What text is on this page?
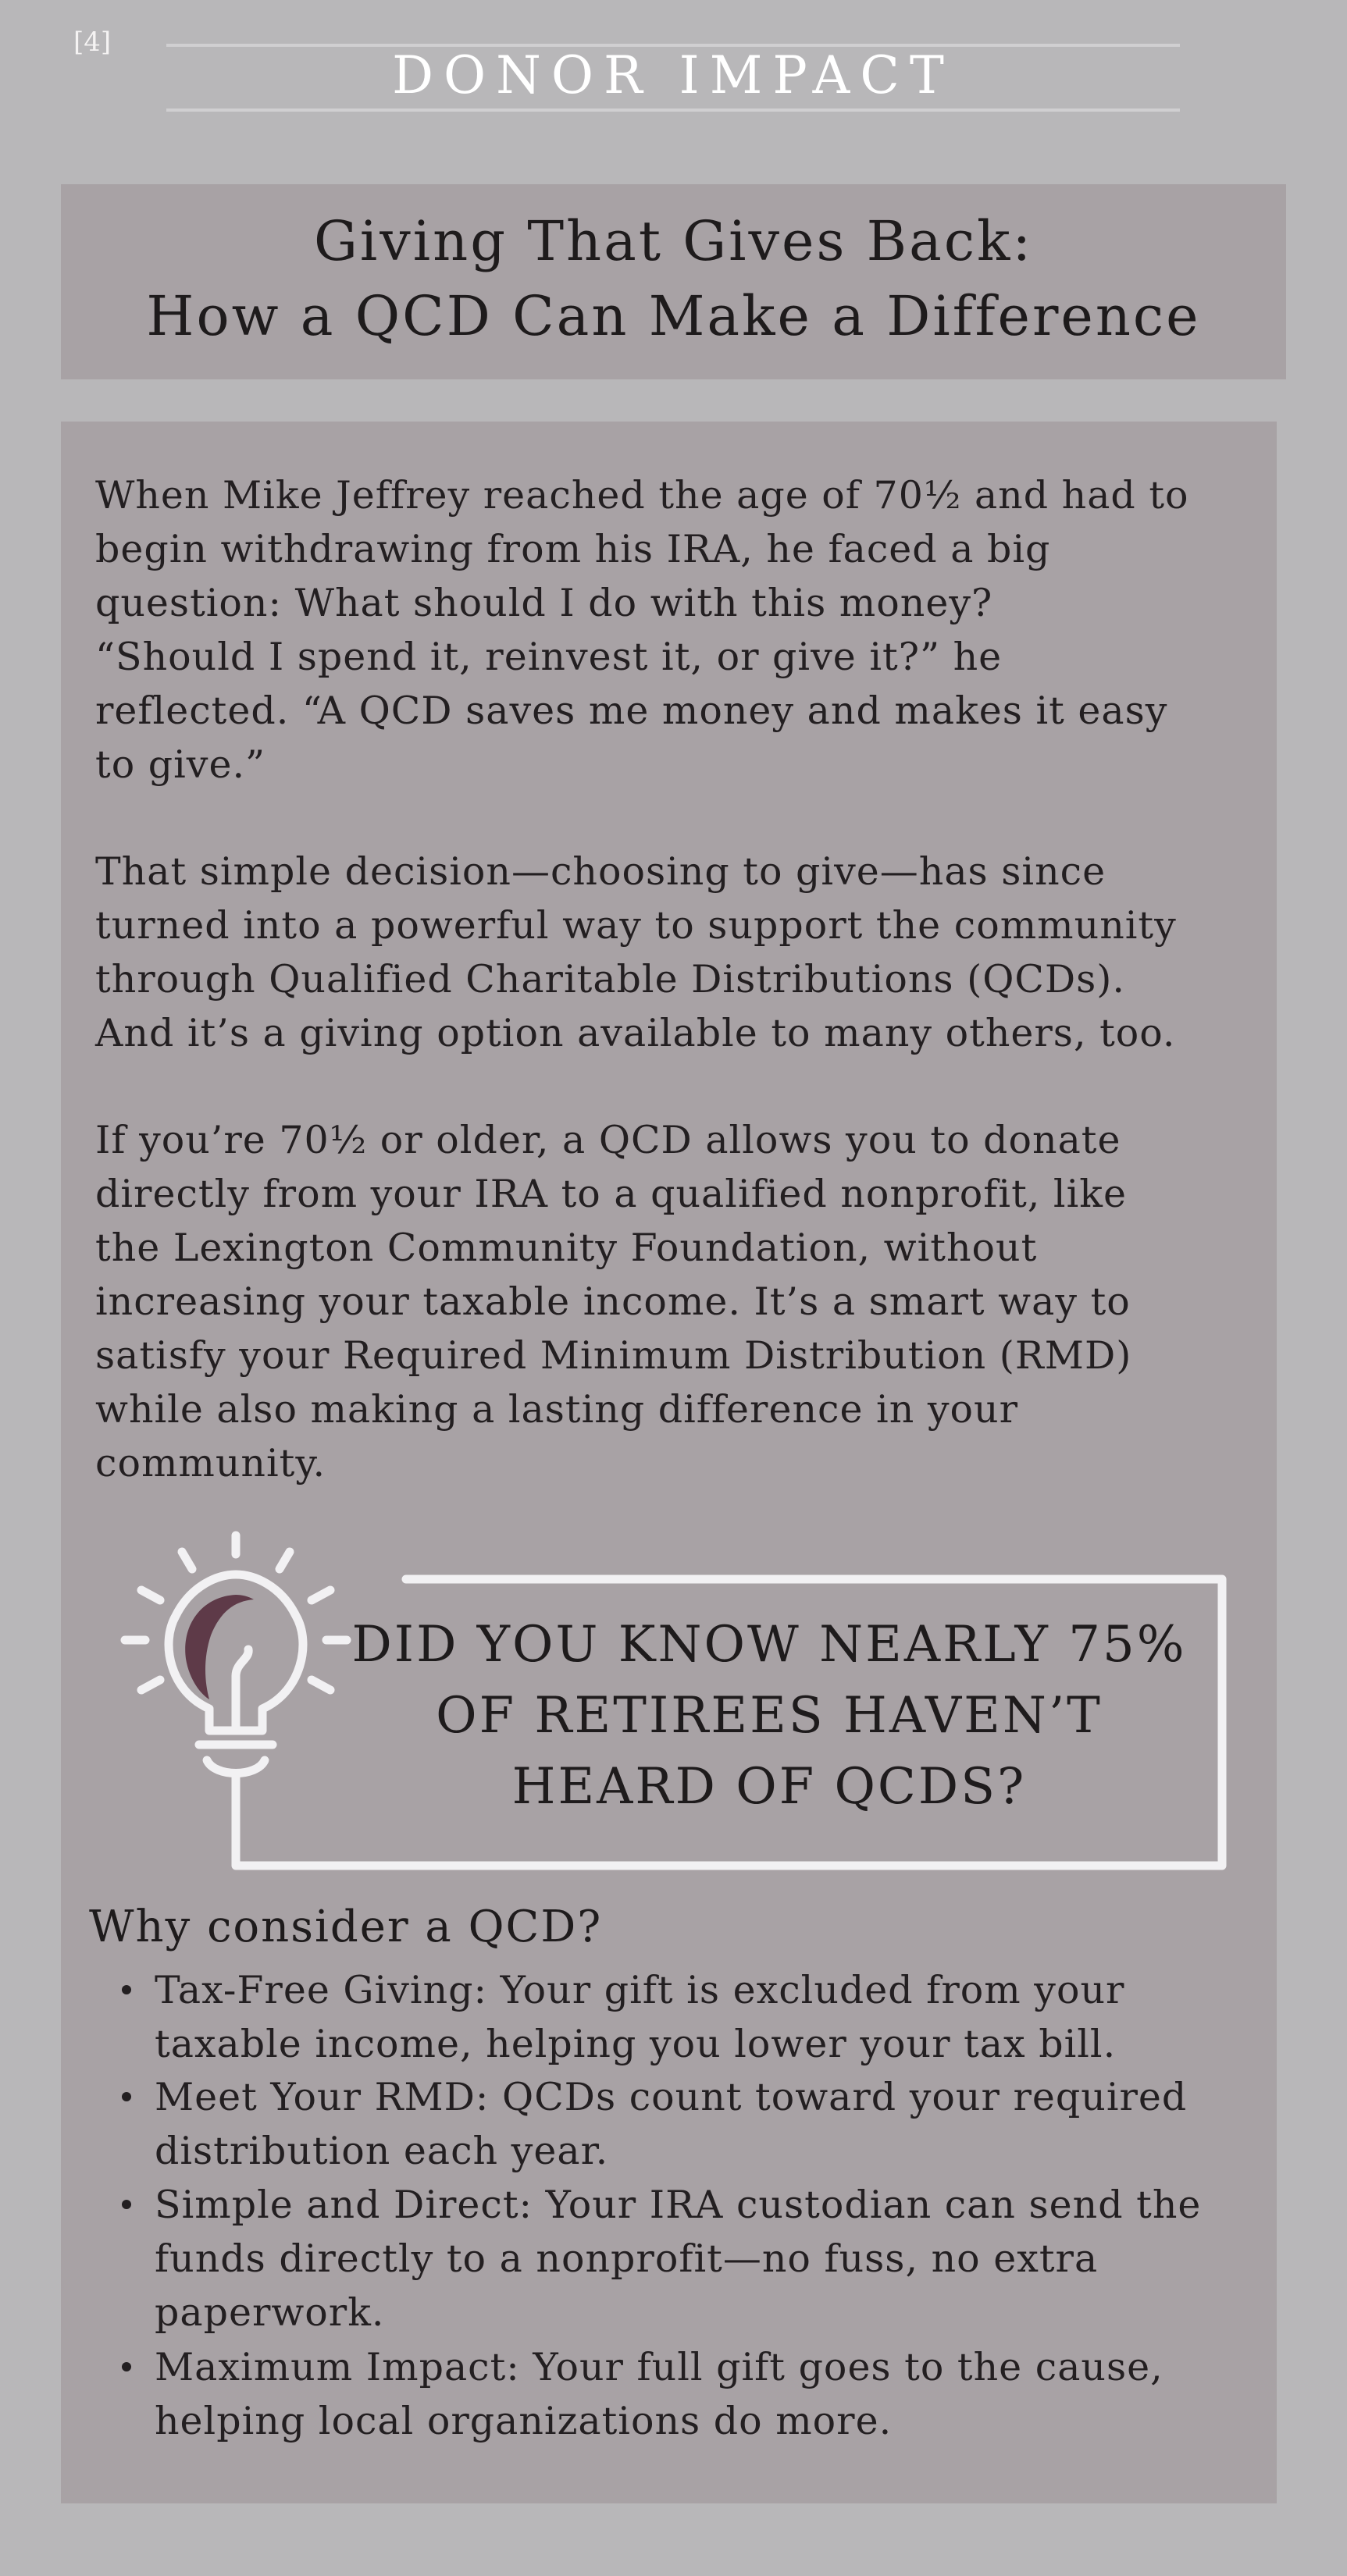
[4]
DONOR IMPACT
Giving That Gives Back:
How a QCD Can Make a Difference
When Mike Jeffrey reached the age of 70½ and had to
begin withdrawing from his IRA, he faced a big
question: What should I do with this money?
“Should I spend it, reinvest it, or give it?” he
reflected. “A QCD saves me money and makes it easy
to give.”
That simple decision—choosing to give—has since
turned into a powerful way to support the community
through Qualified Charitable Distributions (QCDs).
And it’s a giving option available to many others, too.
If you’re 70½ or older, a QCD allows you to donate
directly from your IRA to a qualified nonprofit, like
the Lexington Community Foundation, without
increasing your taxable income. It’s a smart way to
satisfy your Required Minimum Distribution (RMD)
while also making a lasting difference in your
community.
DID YOU KNOW NEARLY 75%
OF RETIREES HAVEN’T
HEARD OF QCDS?
Why consider a QCD?
Tax-Free Giving: Your gift is excluded from your
taxable income, helping you lower your tax bill.
Meet Your RMD: QCDs count toward your required
distribution each year.
Simple and Direct: Your IRA custodian can send the
funds directly to a nonprofit—no fuss, no extra
paperwork.
Maximum Impact: Your full gift goes to the cause,
helping local organizations do more.
